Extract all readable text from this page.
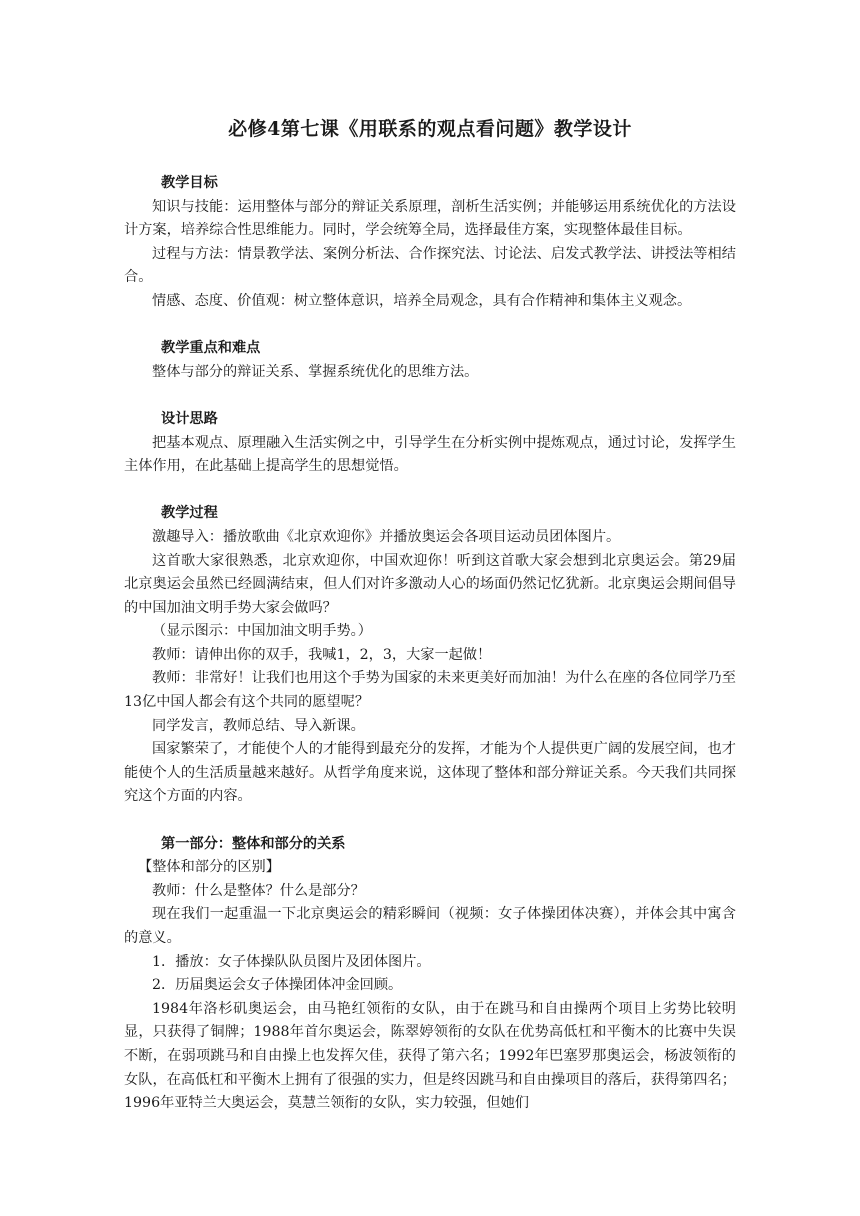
必修4第七课《用联系的观点看问题》教学设计

教学目标

知识与技能：运用整体与部分的辩证关系原理，剖析生活实例；并能够运用系统优化的方法设计方案，培养综合性思维能力。同时，学会统筹全局，选择最佳方案，实现整体最佳目标。

过程与方法：情景教学法、案例分析法、合作探究法、讨论法、启发式教学法、讲授法等相结合。

情感、态度、价值观：树立整体意识，培养全局观念，具有合作精神和集体主义观念。

教学重点和难点

整体与部分的辩证关系、掌握系统优化的思维方法。

设计思路

把基本观点、原理融入生活实例之中，引导学生在分析实例中提炼观点，通过讨论，发挥学生主体作用，在此基础上提高学生的思想觉悟。

教学过程

激趣导入：播放歌曲《北京欢迎你》并播放奥运会各项目运动员团体图片。

这首歌大家很熟悉，北京欢迎你，中国欢迎你！听到这首歌大家会想到北京奥运会。第29届北京奥运会虽然已经圆满结束，但人们对许多激动人心的场面仍然记忆犹新。北京奥运会期间倡导的中国加油文明手势大家会做吗？

（显示图示：中国加油文明手势。）

教师：请伸出你的双手，我喊1，2，3，大家一起做！

教师：非常好！让我们也用这个手势为国家的未来更美好而加油！为什么在座的各位同学乃至13亿中国人都会有这个共同的愿望呢？

同学发言，教师总结、导入新课。

国家繁荣了，才能使个人的才能得到最充分的发挥，才能为个人提供更广阔的发展空间，也才能使个人的生活质量越来越好。从哲学角度来说，这体现了整体和部分辩证关系。今天我们共同探究这个方面的内容。

第一部分：整体和部分的关系

【整体和部分的区别】

教师：什么是整体？什么是部分？

现在我们一起重温一下北京奥运会的精彩瞬间（视频：女子体操团体决赛），并体会其中寓含的意义。

1．播放：女子体操队队员图片及团体图片。

2．历届奥运会女子体操团体冲金回顾。

1984年洛杉矶奥运会，由马艳红领衔的女队，由于在跳马和自由操两个项目上劣势比较明显，只获得了铜牌；1988年首尔奥运会，陈翠婷领衔的女队在优势高低杠和平衡木的比赛中失误不断，在弱项跳马和自由操上也发挥欠佳，获得了第六名；1992年巴塞罗那奥运会，杨波领衔的女队，在高低杠和平衡木上拥有了很强的实力，但是终因跳马和自由操项目的落后，获得第四名；1996年亚特兰大奥运会，莫慧兰领衔的女队，实力较强，但她们
